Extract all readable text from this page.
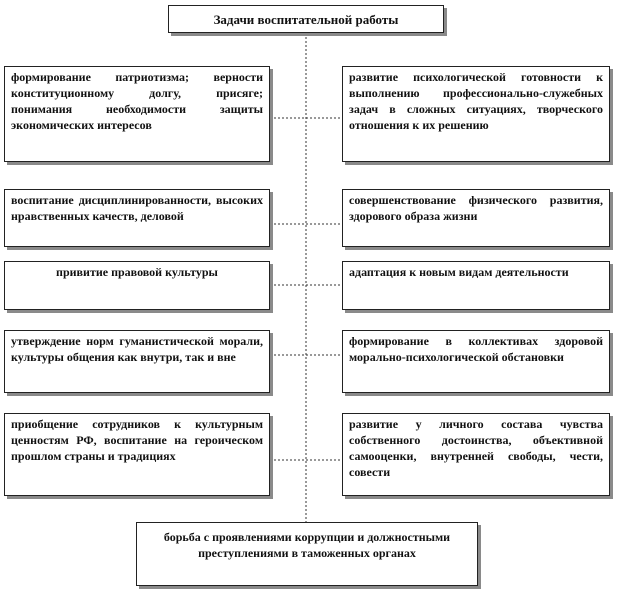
Задачи воспитательной работы
формирование патриотизма; верности конституционному долгу, присяге; понимания необходимости защиты экономических интересов
воспитание дисциплинированности, высоких нравственных качеств, деловой
привитие правовой культуры
утверждение норм гуманистической морали, культуры общения как внутри, так и вне
приобщение сотрудников к культурным ценностям РФ, воспитание на героическом прошлом страны и традициях
развитие психологической готовности к выполнению профессионально-служебных задач в сложных ситуациях, творческого отношения к их решению
совершенствование физического развития, здорового образа жизни
адаптация к новым видам деятельности
формирование в коллективах здоровой морально-психологической обстановки
развитие у личного состава чувства собственного достоинства, объективной самооценки, внутренней свободы, чести, совести
борьба с проявлениями коррупции и должностными преступлениями в таможенных органах
